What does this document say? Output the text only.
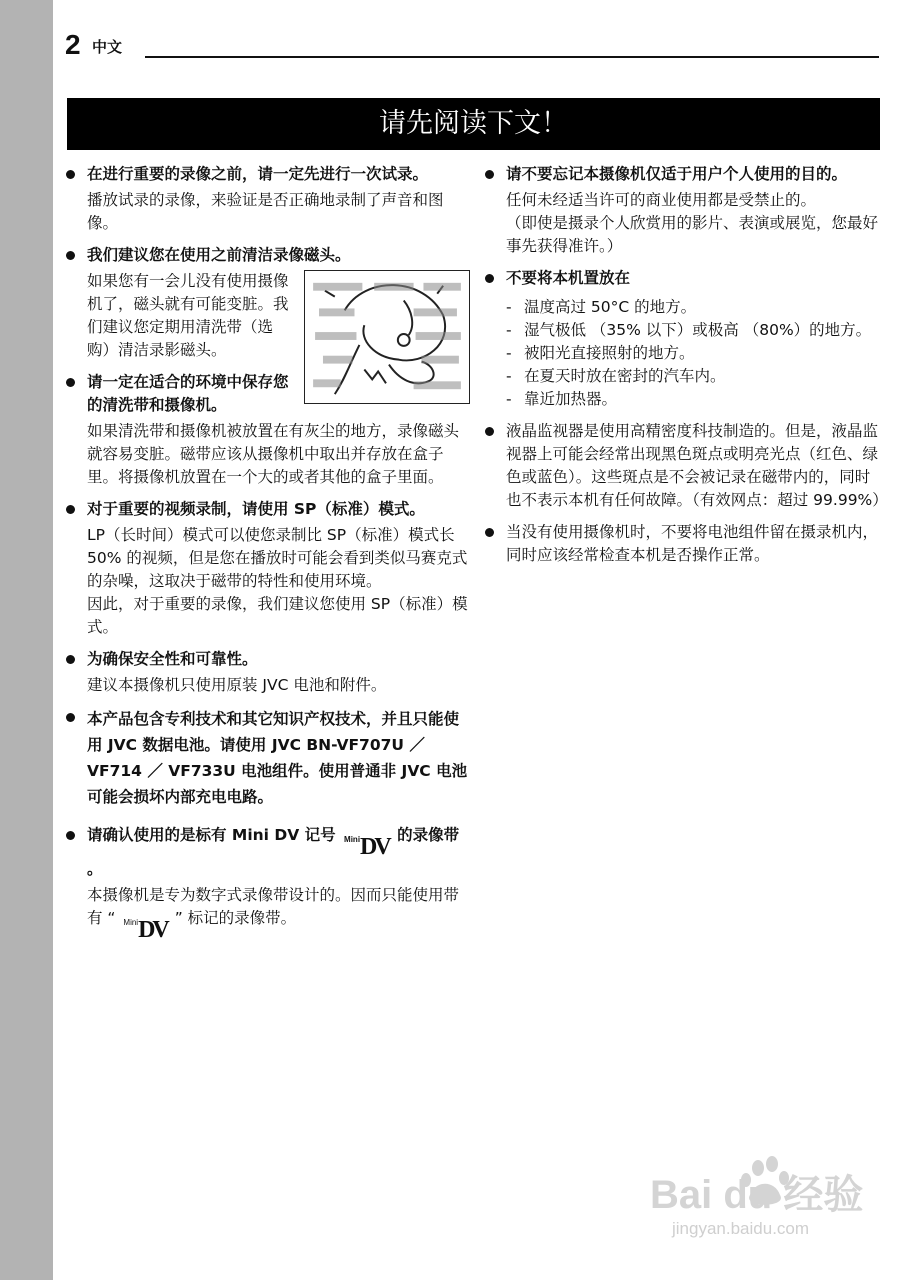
2 中文
请先阅读下文！
在进行重要的录像之前，请一定先进行一次试录。
播放试录的录像，来验证是否正确地录制了声音和图像。
我们建议您在使用之前清洁录像磁头。
如果您有一会儿没有使用摄像机了，磁头就有可能变脏。我们建议您定期用清洗带（选购）清洁录影磁头。
请一定在适合的环境中保存您的清洗带和摄像机。
如果清洗带和摄像机被放置在有灰尘的地方，录像磁头就容易变脏。磁带应该从摄像机中取出并存放在盒子里。将摄像机放置在一个大的或者其他的盒子里面。
对于重要的视频录制，请使用 SP（标准）模式。
LP（长时间）模式可以使您录制比 SP（标准）模式长 50% 的视频，但是您在播放时可能会看到类似马赛克式的杂噪，这取决于磁带的特性和使用环境。
因此，对于重要的录像，我们建议您使用 SP（标准）模式。
为确保安全性和可靠性。
建议本摄像机只使用原装 JVC 电池和附件。
本产品包含专利技术和其它知识产权技术，并且只能使用 JVC 数据电池。请使用 JVC BN-VF707U ／ VF714 ／ VF733U 电池组件。使用普通非 JVC 电池可能会损坏内部充电电路。
请确认使用的是标有 Mini DV 记号 Mini DV 的录像带 。
本摄像机是专为数字式录像带设计的。因而只能使用带有 “ Mini DV ” 标记的录像带。
请不要忘记本摄像机仅适于用户个人使用的目的。
任何未经适当许可的商业使用都是受禁止的。
（即使是摄录个人欣赏用的影片、表演或展览，您最好事先获得准许。）
不要将本机置放在
- 温度高过 50°C 的地方。
- 湿气极低 （35% 以下）或极高 （80%）的地方。
- 被阳光直接照射的地方。
- 在夏天时放在密封的汽车内。
- 靠近加热器。
液晶监视器是使用高精密度科技制造的。但是，液晶监视器上可能会经常出现黑色斑点或明亮光点（红色、绿色或蓝色）。这些斑点是不会被记录在磁带内的，同时也不表示本机有任何故障。（有效网点：超过 99.99%）
当没有使用摄像机时，不要将电池组件留在摄录机内，同时应该经常检查本机是否操作正常。
Bai du 经验
jingyan.baidu.com
